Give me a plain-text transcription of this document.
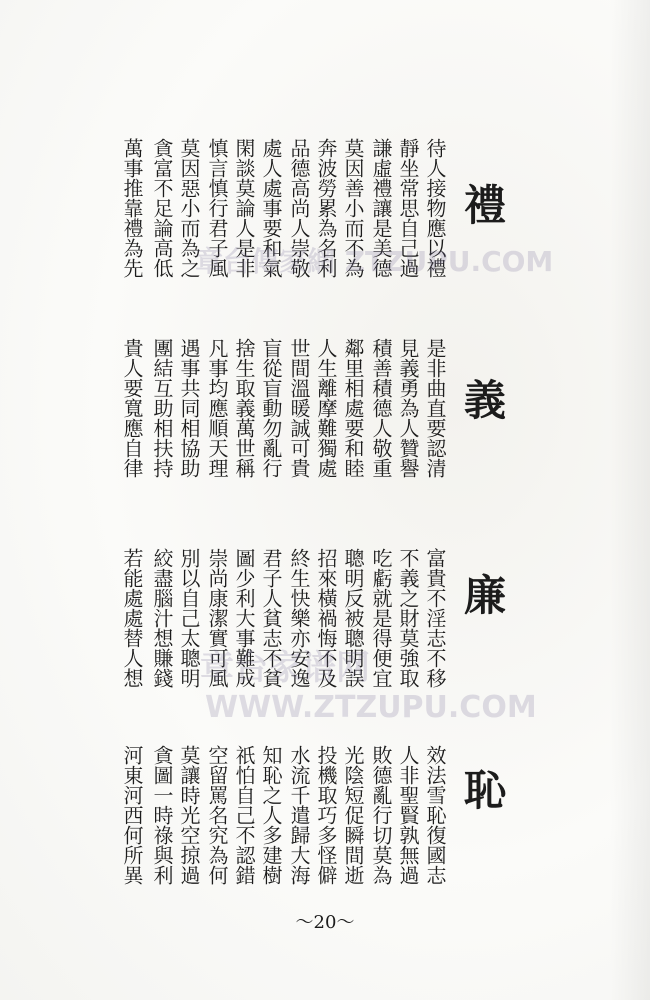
禮
義
廉
恥
待人接物應以禮
是非曲直要認清
富貴不淫志不移
效法雪恥復國志
靜坐常思自己過
見義勇為人贊譽
不義之財莫強取
人非聖賢孰無過
謙虛禮讓是美德
積善積德人敬重
吃虧就是得便宜
敗德亂行切莫為
莫因善小而不為
鄰里相處要和睦
聰明反被聰明誤
光陰短促瞬間逝
奔波勞累為名利
人生離摩難獨處
招來橫禍悔不及
投機取巧多怪僻
品德高尚人崇敬
世間溫暖誠可貴
終生快樂亦安逸
水流千遣歸大海
處人處事要和氣
盲從盲動勿亂行
君子人貧志不貧
知恥之人多建樹
閑談莫論人是非
捨生取義萬世稱
圖少利大事難成
祇怕自己不認錯
慎言慎行君子風
凡事均應順天理
崇尚康潔實可風
空留罵名究為何
莫因惡小而為之
遇事共同相協助
別以自己太聰明
莫讓時光空掠過
貪富不足論高低
團結互助相扶持
絞盡腦汁想賺錢
貪圖一時祿與利
萬事推靠禮為先
貴人要寬應自律
若能處處替人想
河東河西何所異
章台傳家網 ZTZUPU.COM
章台家谱网
WWW.ZTZUPU.COM
～20～
